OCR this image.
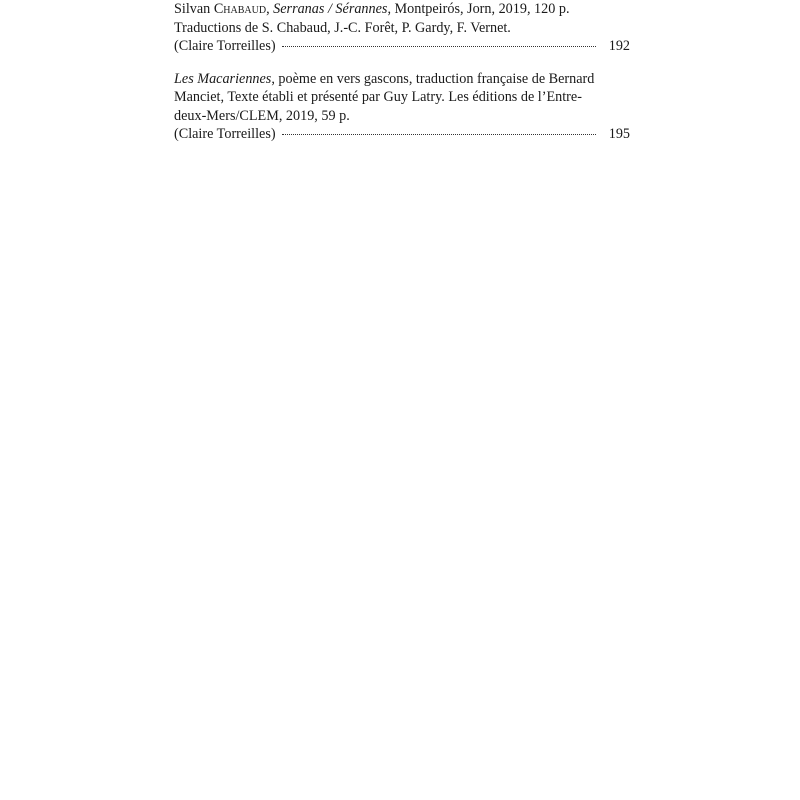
Silvan Chabaud, Serranas / Sérannes, Montpeirós, Jorn, 2019, 120 p.
Traductions de S. Chabaud, J.-C. Forêt, P. Gardy, F. Vernet.
(Claire Torreilles)	192
Les Macariennes, poème en vers gascons, traduction française de Bernard
Manciet, Texte établi et présenté par Guy Latry. Les éditions de l’Entre-
deux-Mers/CLEM, 2019, 59 p.
(Claire Torreilles)	195
